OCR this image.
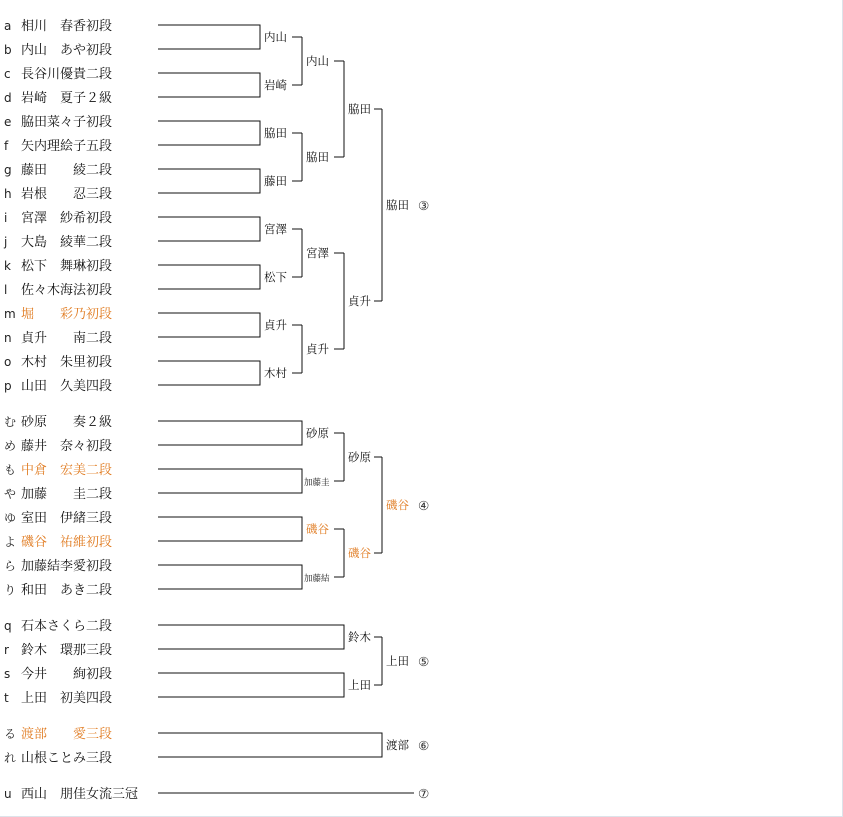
a 相川　春香初段
b 内山　あや初段
c 長谷川優貴二段
d 岩崎　夏子２級
e 脇田菜々子初段
f 矢内理絵子五段
g 藤田　　綾二段
h 岩根　　忍三段
i 宮澤　紗希初段
j 大島　綾華二段
k 松下　舞琳初段
l 佐々木海法初段
m 堀　　彩乃初段
n 貞升　　南二段
o 木村　朱里初段
p 山田　久美四段
む 砂原　　奏２級
め 藤井　奈々初段
も 中倉　宏美二段
や 加藤　　圭二段
ゆ 室田　伊緒三段
よ 磯谷　祐維初段
ら 加藤結李愛初段
り 和田　あき二段
q 石本さくら二段
r 鈴木　環那三段
s 今井　　絢初段
t 上田　初美四段
る 渡部　　愛三段
れ 山根ことみ三段
u 西山　朋佳女流三冠
内山
岩崎
脇田
藤田
宮澤
松下
貞升
木村
内山
脇田
宮澤
貞升
脇田
貞升
脇田 ③
砂原
加藤圭
磯谷
加藤結
砂原
磯谷
磯谷 ④
鈴木
上田
上田 ⑤
渡部 ⑥
⑦
